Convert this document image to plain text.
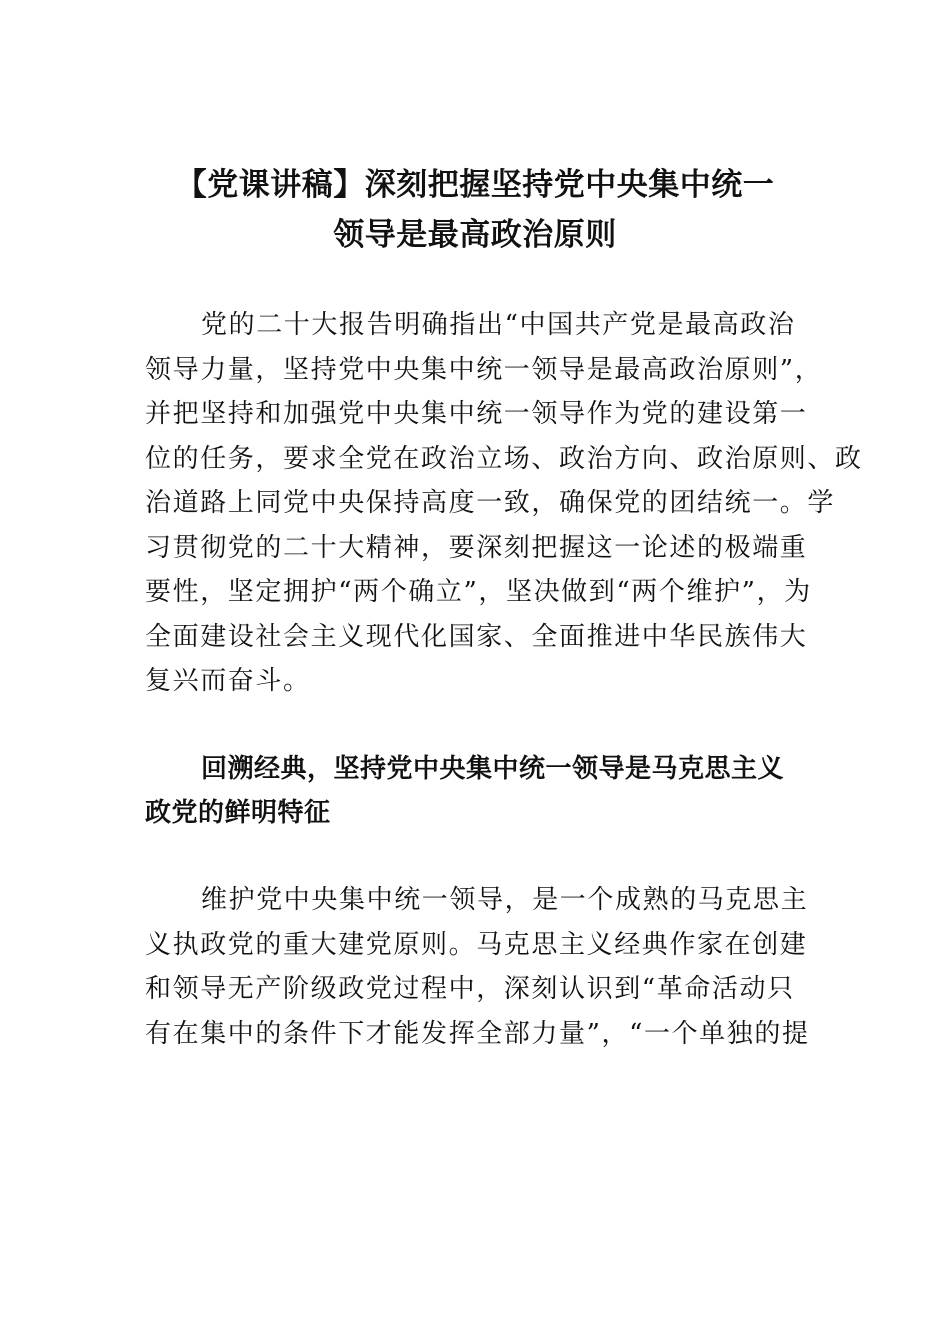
【党课讲稿】深刻把握坚持党中央集中统一
领导是最高政治原则
党的二十大报告明确指出“中国共产党是最高政治
领导力量，坚持党中央集中统一领导是最高政治原则”，
并把坚持和加强党中央集中统一领导作为党的建设第一
位的任务，要求全党在政治立场、政治方向、政治原则、政
治道路上同党中央保持高度一致，确保党的团结统一。学
习贯彻党的二十大精神，要深刻把握这一论述的极端重
要性，坚定拥护“两个确立”，坚决做到“两个维护”，为
全面建设社会主义现代化国家、全面推进中华民族伟大
复兴而奋斗。
回溯经典，坚持党中央集中统一领导是马克思主义
政党的鲜明特征
维护党中央集中统一领导，是一个成熟的马克思主
义执政党的重大建党原则。马克思主义经典作家在创建
和领导无产阶级政党过程中，深刻认识到“革命活动只
有在集中的条件下才能发挥全部力量”，“一个单独的提
